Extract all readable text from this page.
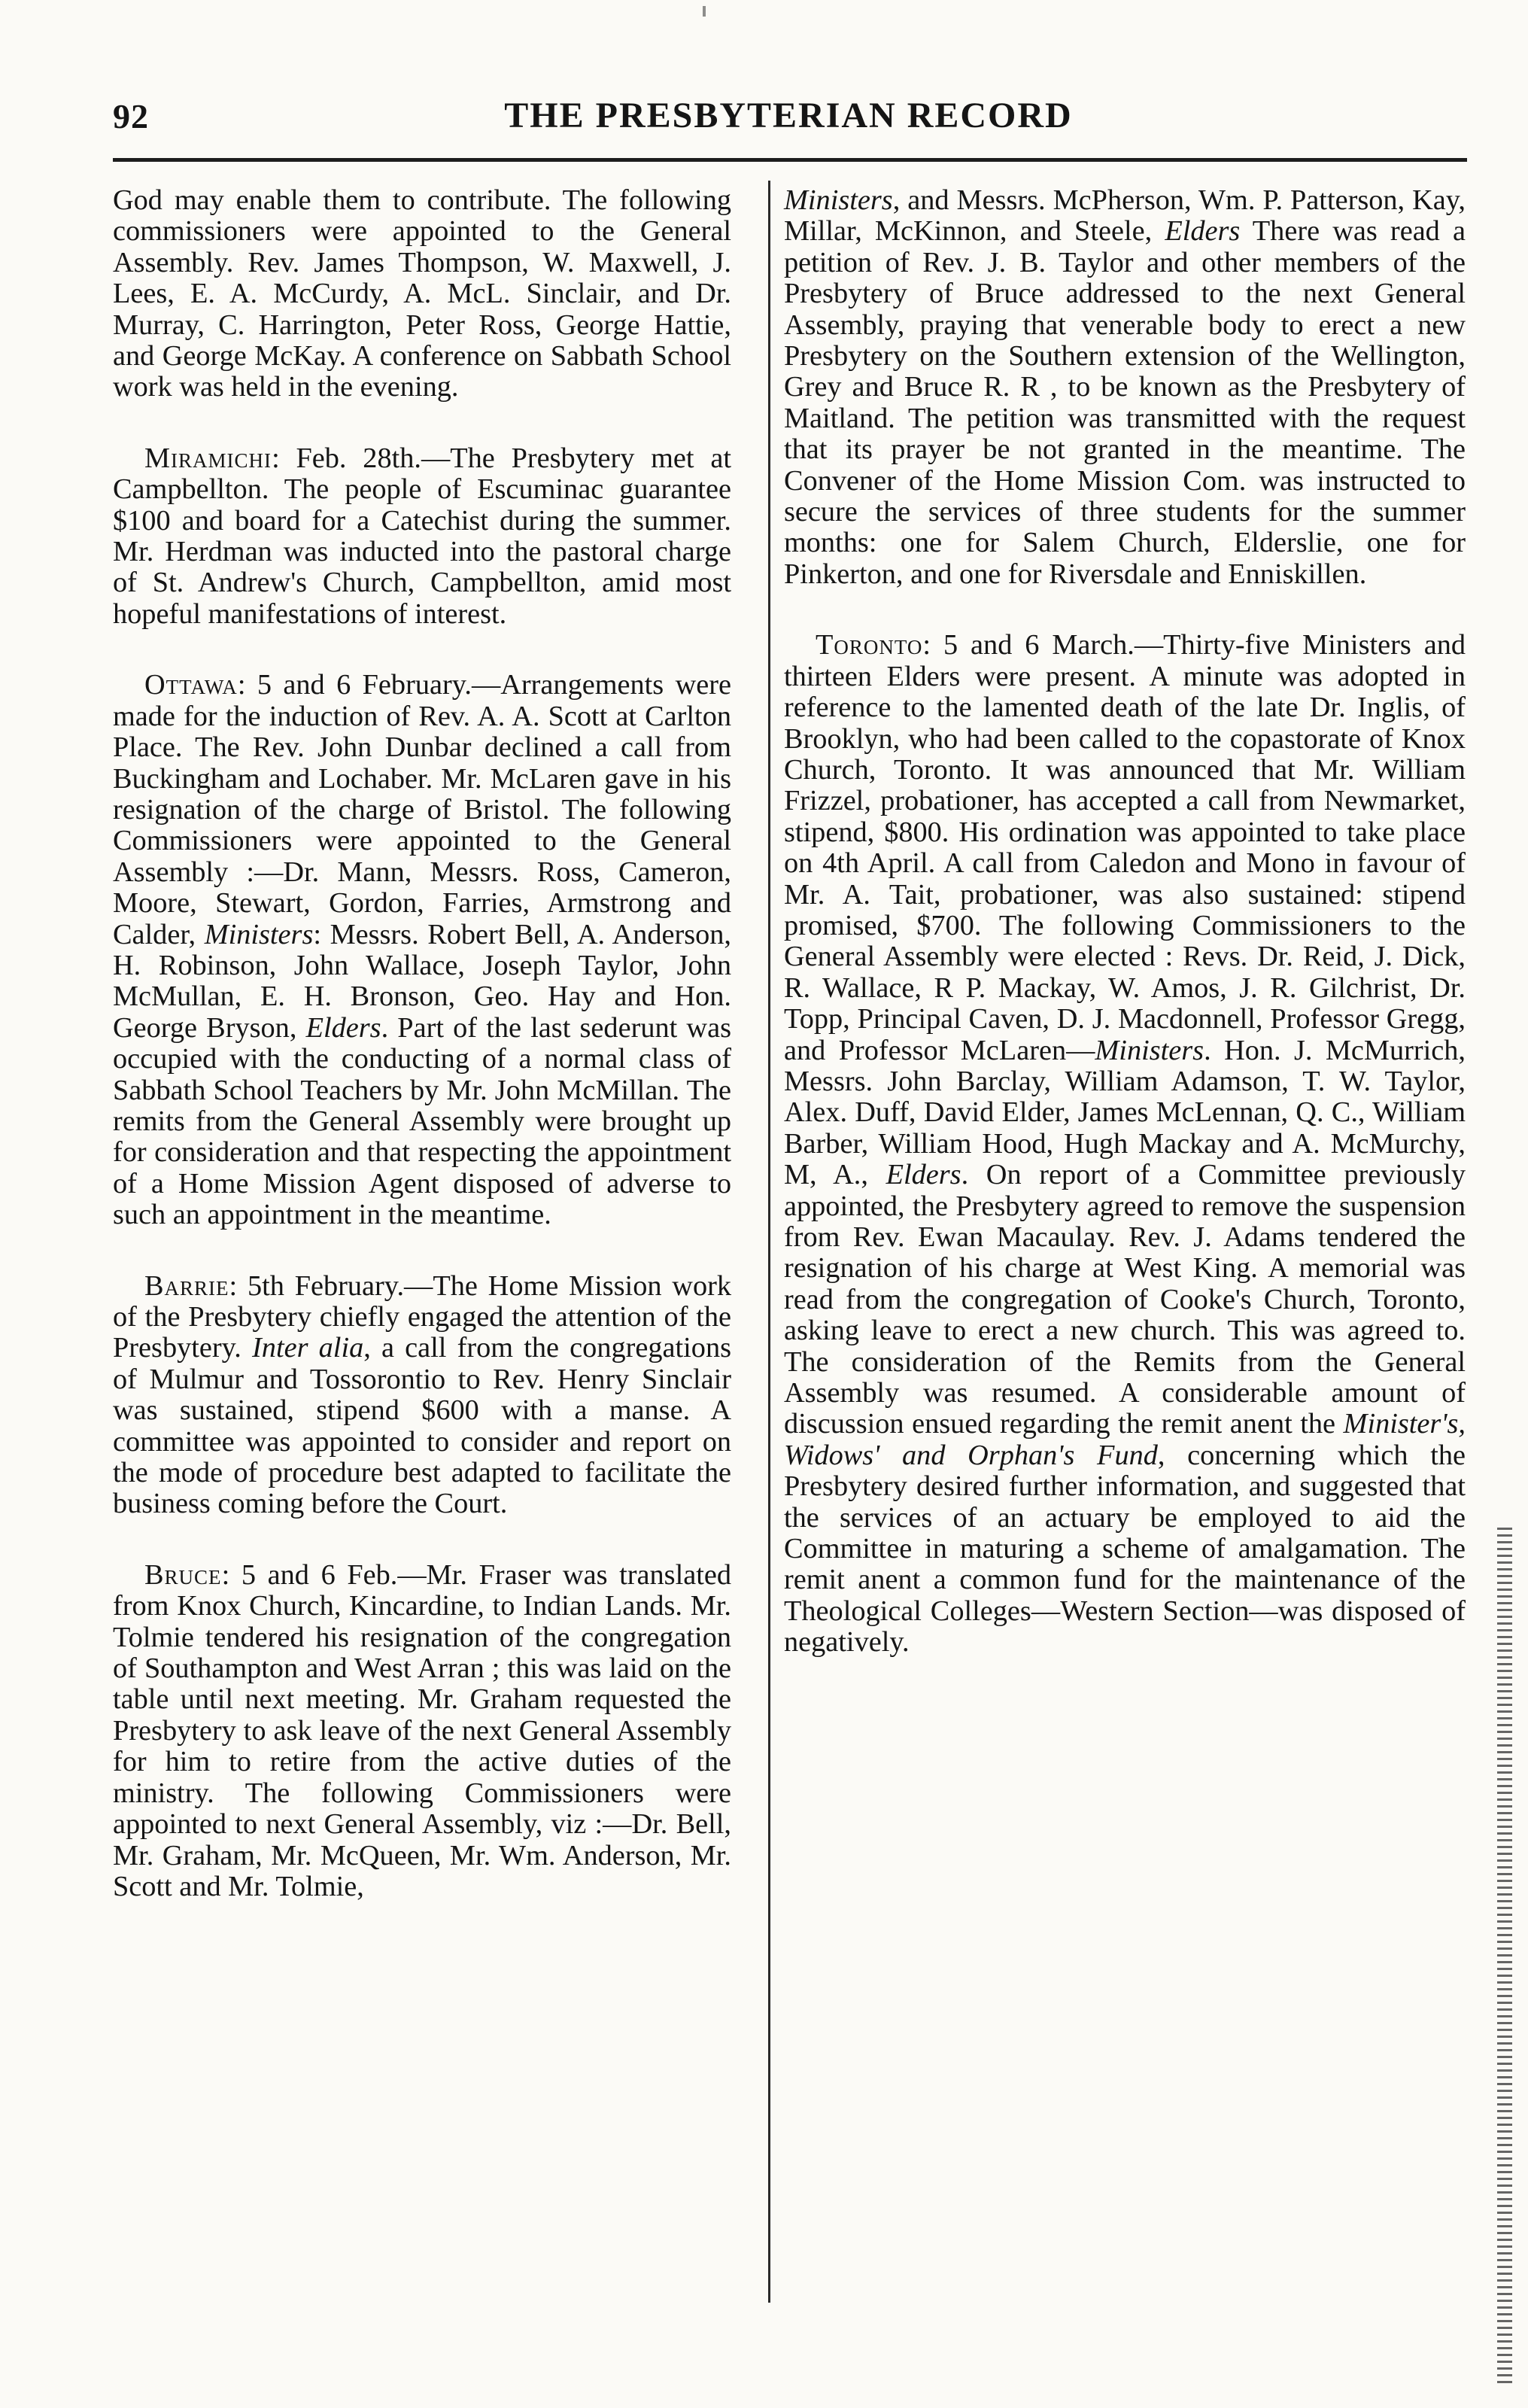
92	THE PRESBYTERIAN RECORD

God may enable them to contribute. The following commissioners were appointed to the General Assembly. Rev. James Thompson, W. Maxwell, J. Lees, E. A. McCurdy, A. McL. Sinclair, and Dr. Murray, C. Harrington, Peter Ross, George Hattie, and George McKay. A conference on Sabbath School work was held in the evening.

Miramichi: Feb. 28th.—The Presbytery met at Campbellton. The people of Escuminac guarantee $100 and board for a Catechist during the summer. Mr. Herdman was inducted into the pastoral charge of St. Andrew's Church, Campbellton, amid most hopeful manifestations of interest.

Ottawa: 5 and 6 February.—Arrangements were made for the induction of Rev. A. A. Scott at Carlton Place. The Rev. John Dunbar declined a call from Buckingham and Lochaber. Mr. McLaren gave in his resignation of the charge of Bristol. The following Commissioners were appointed to the General Assembly :—Dr. Mann, Messrs. Ross, Cameron, Moore, Stewart, Gordon, Farries, Armstrong and Calder, Ministers: Messrs. Robert Bell, A. Anderson, H. Robinson, John Wallace, Joseph Taylor, John McMullan, E. H. Bronson, Geo. Hay and Hon. George Bryson, Elders. Part of the last sederunt was occupied with the conducting of a normal class of Sabbath School Teachers by Mr. John McMillan. The remits from the General Assembly were brought up for consideration and that respecting the appointment of a Home Mission Agent disposed of adverse to such an appointment in the meantime.

Barrie: 5th February.—The Home Mission work of the Presbytery chiefly engaged the attention of the Presbytery. Inter alia, a call from the congregations of Mulmur and Tossorontio to Rev. Henry Sinclair was sustained, stipend $600 with a manse. A committee was appointed to consider and report on the mode of procedure best adapted to facilitate the business coming before the Court.

Bruce: 5 and 6 Feb.—Mr. Fraser was translated from Knox Church, Kincardine, to Indian Lands. Mr. Tolmie tendered his resignation of the congregation of Southampton and West Arran ; this was laid on the table until next meeting. Mr. Graham requested the Presbytery to ask leave of the next General Assembly for him to retire from the active duties of the ministry. The following Commissioners were appointed to next General Assembly, viz :—Dr. Bell, Mr. Graham, Mr. McQueen, Mr. Wm. Anderson, Mr. Scott and Mr. Tolmie,

Ministers, and Messrs. McPherson, Wm. P. Patterson, Kay, Millar, McKinnon, and Steele, Elders There was read a petition of Rev. J. B. Taylor and other members of the Presbytery of Bruce addressed to the next General Assembly, praying that venerable body to erect a new Presbytery on the Southern extension of the Wellington, Grey and Bruce R. R , to be known as the Presbytery of Maitland. The petition was transmitted with the request that its prayer be not granted in the meantime. The Convener of the Home Mission Com. was instructed to secure the services of three students for the summer months: one for Salem Church, Elderslie, one for Pinkerton, and one for Riversdale and Enniskillen.

Toronto: 5 and 6 March.—Thirty-five Ministers and thirteen Elders were present. A minute was adopted in reference to the lamented death of the late Dr. Inglis, of Brooklyn, who had been called to the copastorate of Knox Church, Toronto. It was announced that Mr. William Frizzel, probationer, has accepted a call from Newmarket, stipend, $800. His ordination was appointed to take place on 4th April. A call from Caledon and Mono in favour of Mr. A. Tait, probationer, was also sustained: stipend promised, $700. The following Commissioners to the General Assembly were elected : Revs. Dr. Reid, J. Dick, R. Wallace, R P. Mackay, W. Amos, J. R. Gilchrist, Dr. Topp, Principal Caven, D. J. Macdonnell, Professor Gregg, and Professor McLaren—Ministers. Hon. J. McMurrich, Messrs. John Barclay, William Adamson, T. W. Taylor, Alex. Duff, David Elder, James McLennan, Q. C., William Barber, William Hood, Hugh Mackay and A. McMurchy, M, A., Elders. On report of a Committee previously appointed, the Presbytery agreed to remove the suspension from Rev. Ewan Macaulay. Rev. J. Adams tendered the resignation of his charge at West King. A memorial was read from the congregation of Cooke's Church, Toronto, asking leave to erect a new church. This was agreed to. The consideration of the Remits from the General Assembly was resumed. A considerable amount of discussion ensued regarding the remit anent the Minister's, Widows' and Orphan's Fund, concerning which the Presbytery desired further information, and suggested that the services of an actuary be employed to aid the Committee in maturing a scheme of amalgamation. The remit anent a common fund for the maintenance of the Theological Colleges—Western Section—was disposed of negatively.
